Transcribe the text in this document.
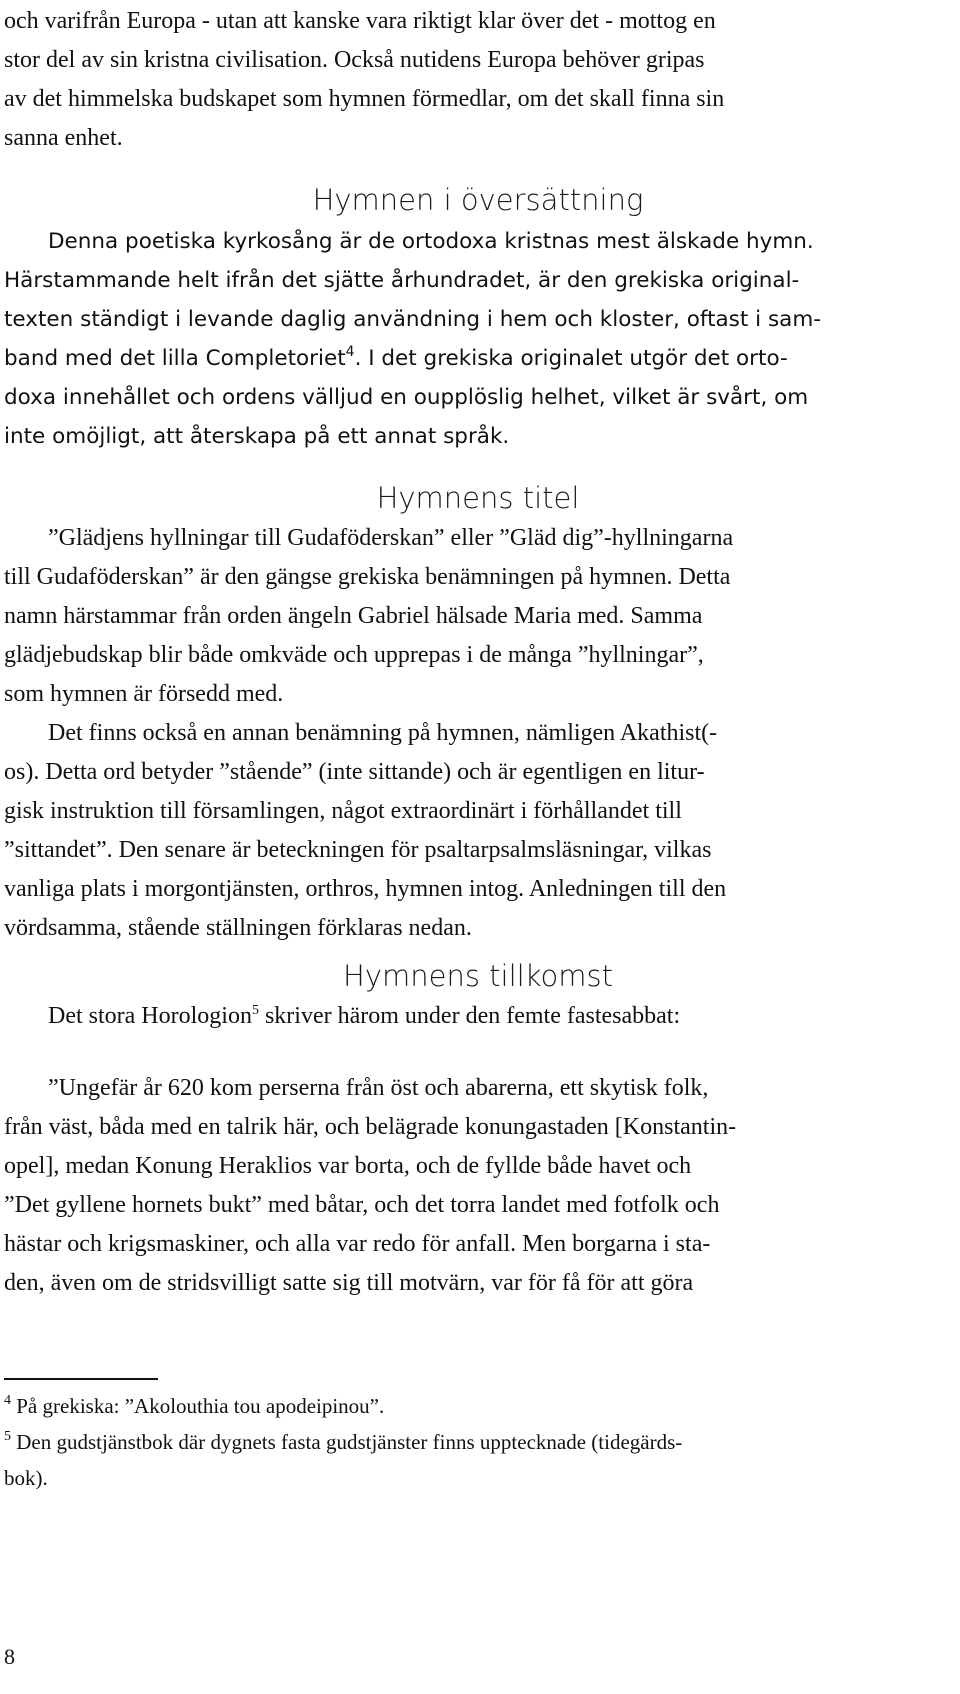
och varifrån Europa - utan att kanske vara riktigt klar över det - mottog en
stor del av sin kristna civilisation. Också nutidens Europa behöver gripas
av det himmelska budskapet som hymnen förmedlar, om det skall finna sin
sanna enhet.
Hymnen i översättning
Denna poetiska kyrkosång är de ortodoxa kristnas mest älskade hymn.
Härstammande helt ifrån det sjätte århundradet, är den grekiska original-
texten ständigt i levande daglig användning i hem och kloster, oftast i sam-
band med det lilla Completoriet$^4$. I det grekiska originalet utgör det orto-
doxa innehållet och ordens välljud en oupplöslig helhet, vilket är svårt, om
inte omöjligt, att återskapa på ett annat språk.
Hymnens titel
”Glädjens hyllningar till Gudaföderskan” eller ”Gläd dig”-hyllningarna
till Gudaföderskan” är den gängse grekiska benämningen på hymnen. Detta
namn härstammar från orden ängeln Gabriel hälsade Maria med. Samma
glädjebudskap blir både omkväde och upprepas i de många ”hyllningar”,
som hymnen är försedd med.
Det finns också en annan benämning på hymnen, nämligen Akathist(-
os). Detta ord betyder ”stående” (inte sittande) och är egentligen en litur-
gisk instruktion till församlingen, något extraordinärt i förhållandet till
”sittandet”. Den senare är beteckningen för psaltarpsalmsläsningar, vilkas
vanliga plats i morgontjänsten, orthros, hymnen intog. Anledningen till den
vördsamma, stående ställningen förklaras nedan.
Hymnens tillkomst
Det stora Horologion$^5$ skriver härom under den femte fastesabbat:
”Ungefär år 620 kom perserna från öst och abarerna, ett skytisk folk,
från väst, båda med en talrik här, och belägrade konungastaden [Konstantin-
opel], medan Konung Heraklios var borta, och de fyllde både havet och
”Det gyllene hornets bukt” med båtar, och det torra landet med fotfolk och
hästar och krigsmaskiner, och alla var redo för anfall. Men borgarna i sta-
den, även om de stridsvilligt satte sig till motvärn, var för få för att göra
$^4$ På grekiska: ”Akolouthia tou apodeipinou”.
$^5$ Den gudstjänstbok där dygnets fasta gudstjänster finns upptecknade (tidegärds-
bok).
8
